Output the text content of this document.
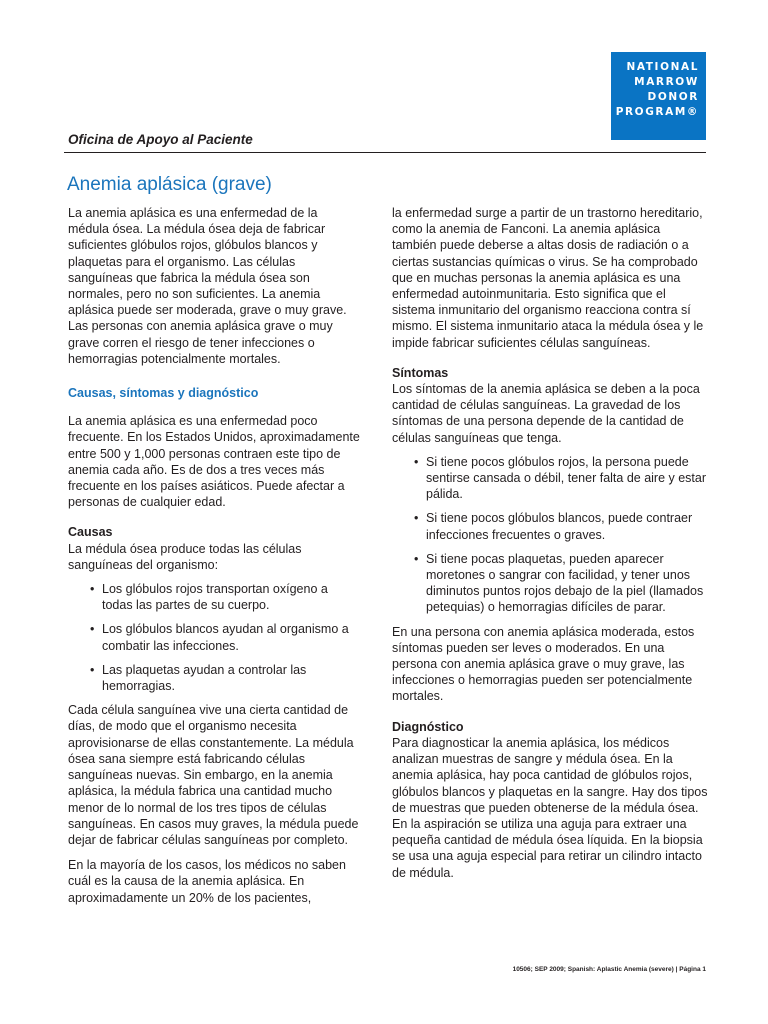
NATIONAL
MARROW
DONOR
PROGRAM®
Oficina de Apoyo al Paciente
Anemia aplásica (grave)

La anemia aplásica es una enfermedad de la médula ósea. La médula ósea deja de fabricar suficientes glóbulos rojos, glóbulos blancos y plaquetas para el organismo. Las células sanguíneas que fabrica la médula ósea son normales, pero no son suficientes. La anemia aplásica puede ser moderada, grave o muy grave. Las personas con anemia aplásica grave o muy grave corren el riesgo de tener infecciones o hemorragias potencialmente mortales.

Causas, síntomas y diagnóstico

La anemia aplásica es una enfermedad poco frecuente. En los Estados Unidos, aproximadamente entre 500 y 1,000 personas contraen este tipo de anemia cada año. Es de dos a tres veces más frecuente en los países asiáticos. Puede afectar a personas de cualquier edad.

Causas

La médula ósea produce todas las células sanguíneas del organismo:

• Los glóbulos rojos transportan oxígeno a todas las partes de su cuerpo.
• Los glóbulos blancos ayudan al organismo a combatir las infecciones.
• Las plaquetas ayudan a controlar las hemorragias.

Cada célula sanguínea vive una cierta cantidad de días, de modo que el organismo necesita aprovisionarse de ellas constantemente. La médula ósea sana siempre está fabricando células sanguíneas nuevas. Sin embargo, en la anemia aplásica, la médula fabrica una cantidad mucho menor de lo normal de los tres tipos de células sanguíneas. En casos muy graves, la médula puede dejar de fabricar células sanguíneas por completo.

En la mayoría de los casos, los médicos no saben cuál es la causa de la anemia aplásica. En aproximadamente un 20% de los pacientes,

la enfermedad surge a partir de un trastorno hereditario, como la anemia de Fanconi. La anemia aplásica también puede deberse a altas dosis de radiación o a ciertas sustancias químicas o virus. Se ha comprobado que en muchas personas la anemia aplásica es una enfermedad autoinmunitaria. Esto significa que el sistema inmunitario del organismo reacciona contra sí mismo. El sistema inmunitario ataca la médula ósea y le impide fabricar suficientes células sanguíneas.

Síntomas

Los síntomas de la anemia aplásica se deben a la poca cantidad de células sanguíneas. La gravedad de los síntomas de una persona depende de la cantidad de células sanguíneas que tenga.

• Si tiene pocos glóbulos rojos, la persona puede sentirse cansada o débil, tener falta de aire y estar pálida.
• Si tiene pocos glóbulos blancos, puede contraer infecciones frecuentes o graves.
• Si tiene pocas plaquetas, pueden aparecer moretones o sangrar con facilidad, y tener unos diminutos puntos rojos debajo de la piel (llamados petequias) o hemorragias difíciles de parar.

En una persona con anemia aplásica moderada, estos síntomas pueden ser leves o moderados. En una persona con anemia aplásica grave o muy grave, las infecciones o hemorragias pueden ser potencialmente mortales.

Diagnóstico

Para diagnosticar la anemia aplásica, los médicos analizan muestras de sangre y médula ósea. En la anemia aplásica, hay poca cantidad de glóbulos rojos, glóbulos blancos y plaquetas en la sangre. Hay dos tipos de muestras que pueden obtenerse de la médula ósea. En la aspiración se utiliza una aguja para extraer una pequeña cantidad de médula ósea líquida. En la biopsia se usa una aguja especial para retirar un cilindro intacto de médula.

10506; SEP 2009; Spanish: Aplastic Anemia (severe) | Página 1
